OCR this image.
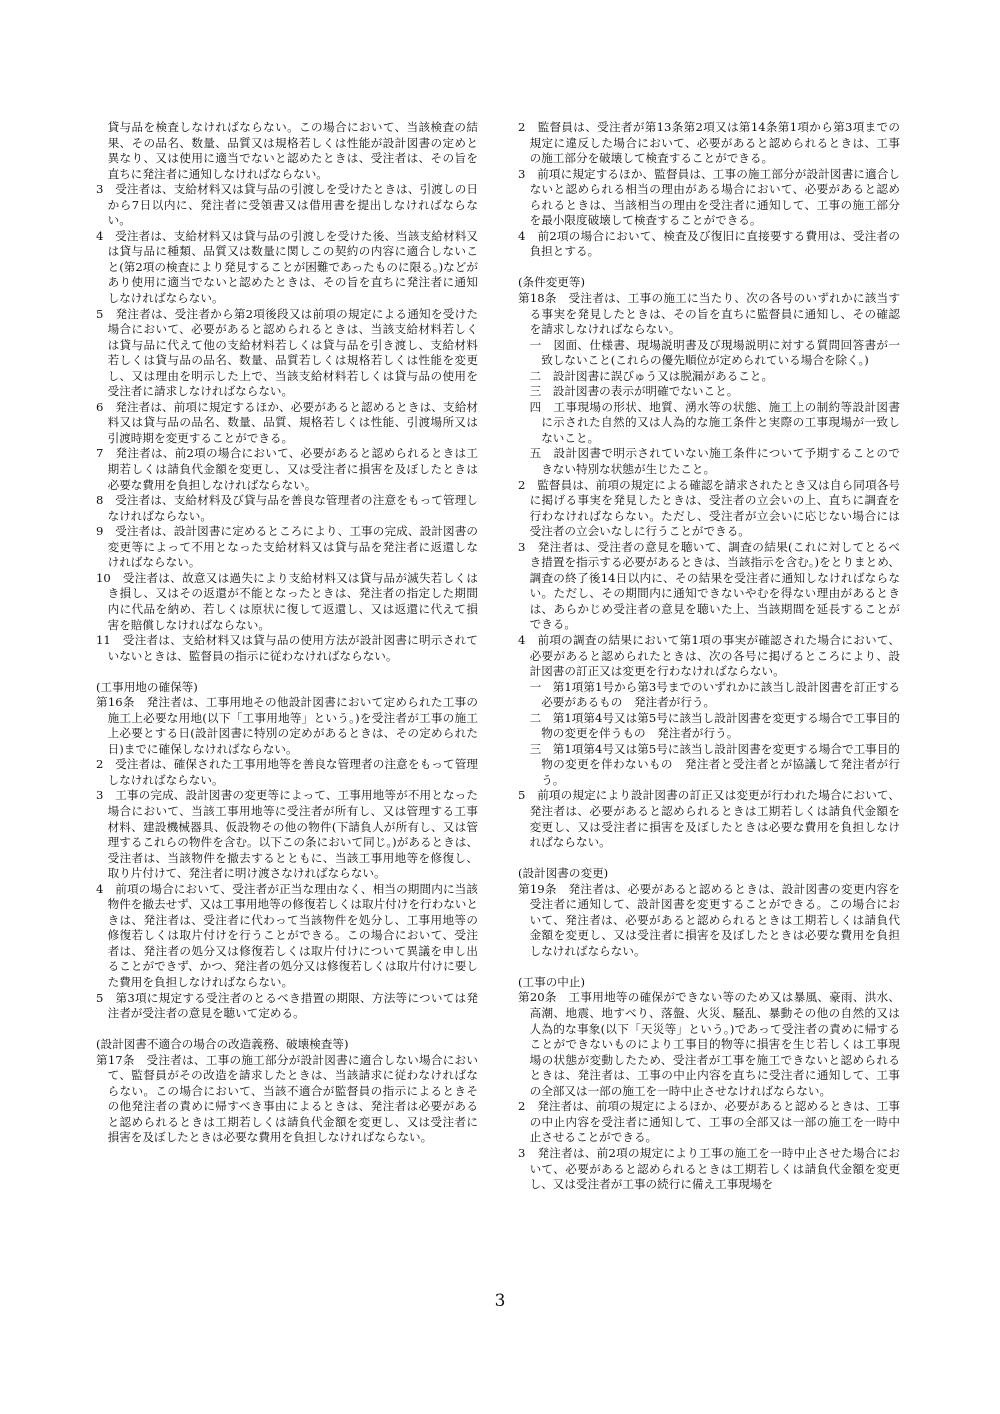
貸与品を検査しなければならない。この場合において、当該検査の結果、その品名、数量、品質又は規格若しくは性能が設計図書の定めと異なり、又は使用に適当でないと認めたときは、受注者は、その旨を直ちに発注者に通知しなければならない。

3　受注者は、支給材料又は貸与品の引渡しを受けたときは、引渡しの日から7日以内に、発注者に受領書又は借用書を提出しなければならない。

4　受注者は、支給材料又は貸与品の引渡しを受けた後、当該支給材料又は貸与品に種類、品質又は数量に関しこの契約の内容に適合しないこと(第2項の検査により発見することが困難であったものに限る。)などがあり使用に適当でないと認めたときは、その旨を直ちに発注者に通知しなければならない。

5　発注者は、受注者から第2項後段又は前項の規定による通知を受けた場合において、必要があると認められるときは、当該支給材料若しくは貸与品に代えて他の支給材料若しくは貸与品を引き渡し、支給材料若しくは貸与品の品名、数量、品質若しくは規格若しくは性能を変更し、又は理由を明示した上で、当該支給材料若しくは貸与品の使用を受注者に請求しなければならない。

6　発注者は、前項に規定するほか、必要があると認めるときは、支給材料又は貸与品の品名、数量、品質、規格若しくは性能、引渡場所又は引渡時期を変更することができる。

7　発注者は、前2項の場合において、必要があると認められるときは工期若しくは請負代金額を変更し、又は受注者に損害を及ぼしたときは必要な費用を負担しなければならない。

8　受注者は、支給材料及び貸与品を善良な管理者の注意をもって管理しなければならない。

9　受注者は、設計図書に定めるところにより、工事の完成、設計図書の変更等によって不用となった支給材料又は貸与品を発注者に返還しなければならない。

10　受注者は、故意又は過失により支給材料又は貸与品が滅失若しくはき損し、又はその返還が不能となったときは、発注者の指定した期間内に代品を納め、若しくは原状に復して返還し、又は返還に代えて損害を賠償しなければならない。

11　受注者は、支給材料又は貸与品の使用方法が設計図書に明示されていないときは、監督員の指示に従わなければならない。

(工事用地の確保等)

第16条　発注者は、工事用地その他設計図書において定められた工事の施工上必要な用地(以下「工事用地等」という。)を受注者が工事の施工上必要とする日(設計図書に特別の定めがあるときは、その定められた日)までに確保しなければならない。

2　受注者は、確保された工事用地等を善良な管理者の注意をもって管理しなければならない。

3　工事の完成、設計図書の変更等によって、工事用地等が不用となった場合において、当該工事用地等に受注者が所有し、又は管理する工事材料、建設機械器具、仮設物その他の物件(下請負人が所有し、又は管理するこれらの物件を含む。以下この条において同じ。)があるときは、受注者は、当該物件を撤去するとともに、当該工事用地等を修復し、取り片付けて、発注者に明け渡さなければならない。

4　前項の場合において、受注者が正当な理由なく、相当の期間内に当該物件を撤去せず、又は工事用地等の修復若しくは取片付けを行わないときは、発注者は、受注者に代わって当該物件を処分し、工事用地等の修復若しくは取片付けを行うことができる。この場合において、受注者は、発注者の処分又は修復若しくは取片付けについて異議を申し出ることができず、かつ、発注者の処分又は修復若しくは取片付けに要した費用を負担しなければならない。

5　第3項に規定する受注者のとるべき措置の期限、方法等については発注者が受注者の意見を聴いて定める。

(設計図書不適合の場合の改造義務、破壊検査等)

第17条　受注者は、工事の施工部分が設計図書に適合しない場合において、監督員がその改造を請求したときは、当該請求に従わなければならない。この場合において、当該不適合が監督員の指示によるときその他発注者の責めに帰すべき事由によるときは、発注者は必要があると認められるときは工期若しくは請負代金額を変更し、又は受注者に損害を及ぼしたときは必要な費用を負担しなければならない。

2　監督員は、受注者が第13条第2項又は第14条第1項から第3項までの規定に違反した場合において、必要があると認められるときは、工事の施工部分を破壊して検査することができる。

3　前項に規定するほか、監督員は、工事の施工部分が設計図書に適合しないと認められる相当の理由がある場合において、必要があると認められるときは、当該相当の理由を受注者に通知して、工事の施工部分を最小限度破壊して検査することができる。

4　前2項の場合において、検査及び復旧に直接要する費用は、受注者の負担とする。

(条件変更等)

第18条　受注者は、工事の施工に当たり、次の各号のいずれかに該当する事実を発見したときは、その旨を直ちに監督員に通知し、その確認を請求しなければならない。

一　図面、仕様書、現場説明書及び現場説明に対する質問回答書が一致しないこと(これらの優先順位が定められている場合を除く。)

二　設計図書に誤びゅう又は脱漏があること。

三　設計図書の表示が明確でないこと。

四　工事現場の形状、地質、湧水等の状態、施工上の制約等設計図書に示された自然的又は人為的な施工条件と実際の工事現場が一致しないこと。

五　設計図書で明示されていない施工条件について予期することのできない特別な状態が生じたこと。

2　監督員は、前項の規定による確認を請求されたとき又は自ら同項各号に掲げる事実を発見したときは、受注者の立会いの上、直ちに調査を行わなければならない。ただし、受注者が立会いに応じない場合には受注者の立会いなしに行うことができる。

3　発注者は、受注者の意見を聴いて、調査の結果(これに対してとるべき措置を指示する必要があるときは、当該指示を含む。)をとりまとめ、調査の終了後14日以内に、その結果を受注者に通知しなければならない。ただし、その期間内に通知できないやむを得ない理由があるときは、あらかじめ受注者の意見を聴いた上、当該期間を延長することができる。

4　前項の調査の結果において第1項の事実が確認された場合において、必要があると認められたときは、次の各号に掲げるところにより、設計図書の訂正又は変更を行わなければならない。

一　第1項第1号から第3号までのいずれかに該当し設計図書を訂正する必要があるもの　発注者が行う。

二　第1項第4号又は第5号に該当し設計図書を変更する場合で工事目的物の変更を伴うもの　発注者が行う。

三　第1項第4号又は第5号に該当し設計図書を変更する場合で工事目的物の変更を伴わないもの　発注者と受注者とが協議して発注者が行う。

5　前項の規定により設計図書の訂正又は変更が行われた場合において、発注者は、必要があると認められるときは工期若しくは請負代金額を変更し、又は受注者に損害を及ぼしたときは必要な費用を負担しなければならない。

(設計図書の変更)

第19条　発注者は、必要があると認めるときは、設計図書の変更内容を受注者に通知して、設計図書を変更することができる。この場合において、発注者は、必要があると認められるときは工期若しくは請負代金額を変更し、又は受注者に損害を及ぼしたときは必要な費用を負担しなければならない。

(工事の中止)

第20条　工事用地等の確保ができない等のため又は暴風、豪雨、洪水、高潮、地震、地すべり、落盤、火災、騒乱、暴動その他の自然的又は人為的な事象(以下「天災等」という。)であって受注者の責めに帰することができないものにより工事目的物等に損害を生じ若しくは工事現場の状態が変動したため、受注者が工事を施工できないと認められるときは、発注者は、工事の中止内容を直ちに受注者に通知して、工事の全部又は一部の施工を一時中止させなければならない。

2　発注者は、前項の規定によるほか、必要があると認めるときは、工事の中止内容を受注者に通知して、工事の全部又は一部の施工を一時中止させることができる。

3　発注者は、前2項の規定により工事の施工を一時中止させた場合において、必要があると認められるときは工期若しくは請負代金額を変更し、又は受注者が工事の続行に備え工事現場を

3
